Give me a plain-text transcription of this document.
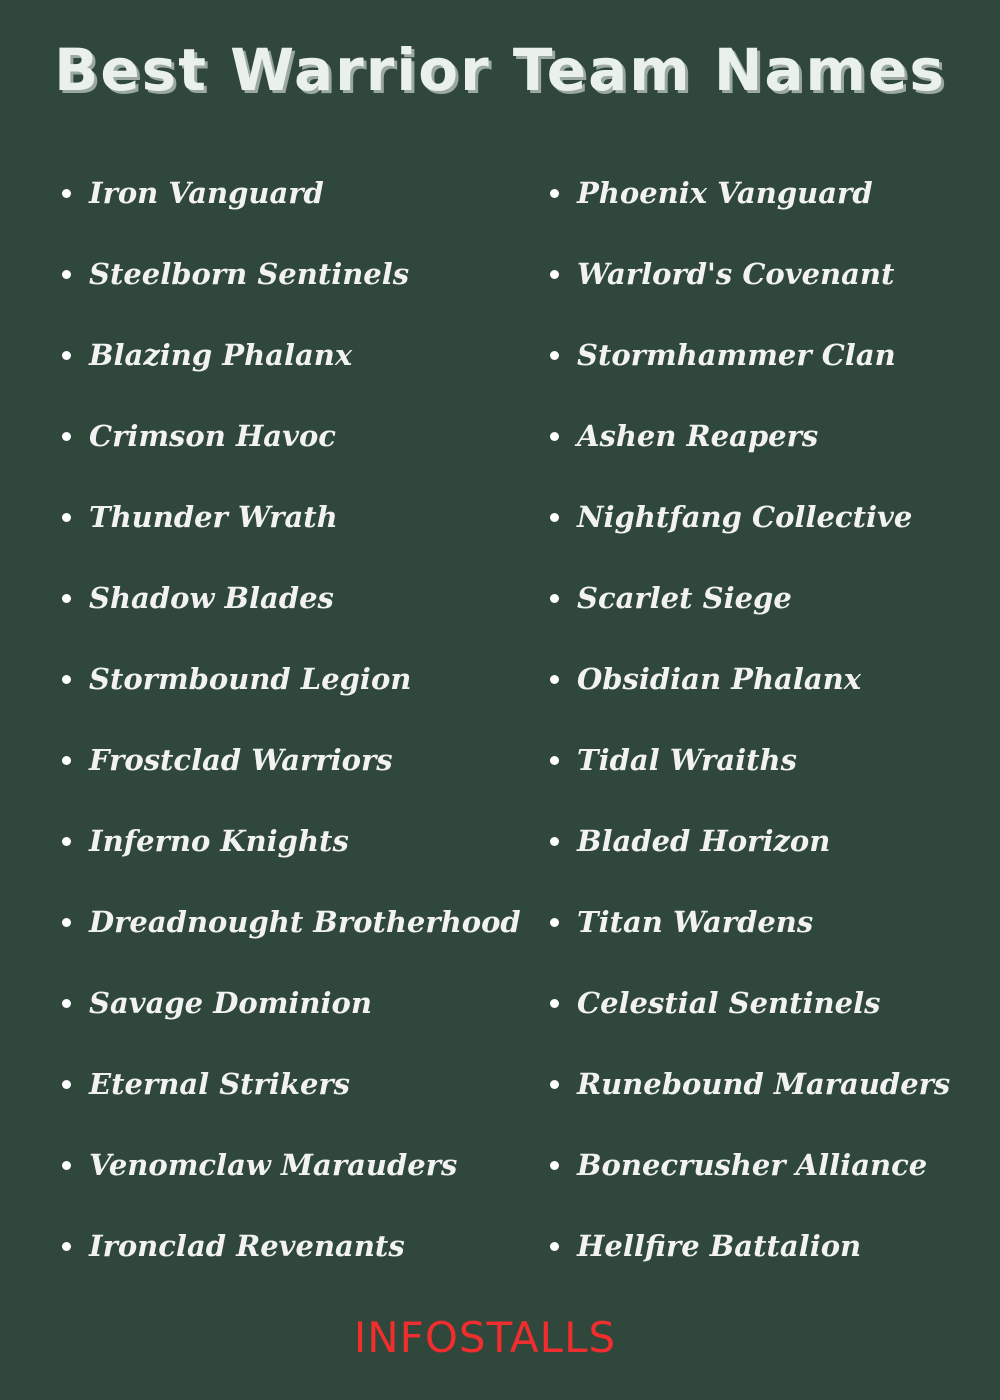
Best Warrior Team Names
Iron Vanguard
Steelborn Sentinels
Blazing Phalanx
Crimson Havoc
Thunder Wrath
Shadow Blades
Stormbound Legion
Frostclad Warriors
Inferno Knights
Dreadnought Brotherhood
Savage Dominion
Eternal Strikers
Venomclaw Marauders
Ironclad Revenants
Phoenix Vanguard
Warlord's Covenant
Stormhammer Clan
Ashen Reapers
Nightfang Collective
Scarlet Siege
Obsidian Phalanx
Tidal Wraiths
Bladed Horizon
Titan Wardens
Celestial Sentinels
Runebound Marauders
Bonecrusher Alliance
Hellfire Battalion
INFOSTALLS
